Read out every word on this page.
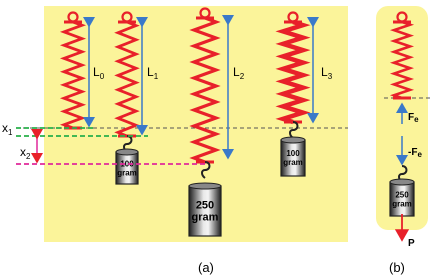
100
gram
250
gram
100
gram
250
gram
$L_0$	$L_1$	$L_2$	$L_3$
$x_1$
$x_2$
(a)	(b)
$F_e$
$-F_e$
P
